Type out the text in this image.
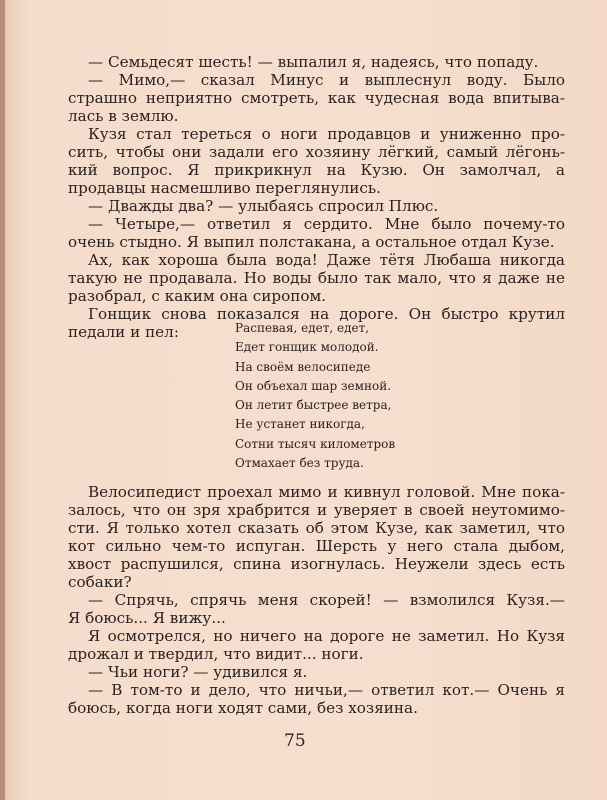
— Семьдесят шесть! — выпалил я, надеясь, что попаду.
— Мимо,— сказал Минус и выплеснул воду. Было
страшно неприятно смотреть, как чудесная вода впитыва-
лась в землю.
Кузя стал тереться о ноги продавцов и униженно про-
сить, чтобы они задали его хозяину лёгкий, самый лёгонь-
кий вопрос. Я прикрикнул на Кузю. Он замолчал, а
продавцы насмешливо переглянулись.
— Дважды два? — улыбаясь спросил Плюс.
— Четыре,— ответил я сердито. Мне было почему-то
очень стыдно. Я выпил полстакана, а остальное отдал Кузе.
Ах, как хороша была вода! Даже тётя Любаша никогда
такую не продавала. Но воды было так мало, что я даже не
разобрал, с каким она сиропом.
Гонщик снова показался на дороге. Он быстро крутил
педали и пел:	Распевая, едет, едет,
Едет гонщик молодой.
На своём велосипеде
Он объехал шар земной.
Он летит быстрее ветра,
Не устанет никогда,
Сотни тысяч километров
Отмахает без труда.
Велосипедист проехал мимо и кивнул головой. Мне пока-
залось, что он зря храбрится и уверяет в своей неутомимо-
сти. Я только хотел сказать об этом Кузе, как заметил, что
кот сильно чем-то испуган. Шерсть у него стала дыбом,
хвост распушился, спина изогнулась. Неужели здесь есть
собаки?
— Спрячь, спрячь меня скорей! — взмолился Кузя.—
Я боюсь... Я вижу...
Я осмотрелся, но ничего на дороге не заметил. Но Кузя
дрожал и твердил, что видит... ноги.
— Чьи ноги? — удивился я.
— В том-то и дело, что ничьи,— ответил кот.— Очень я
боюсь, когда ноги ходят сами, без хозяина.
75
